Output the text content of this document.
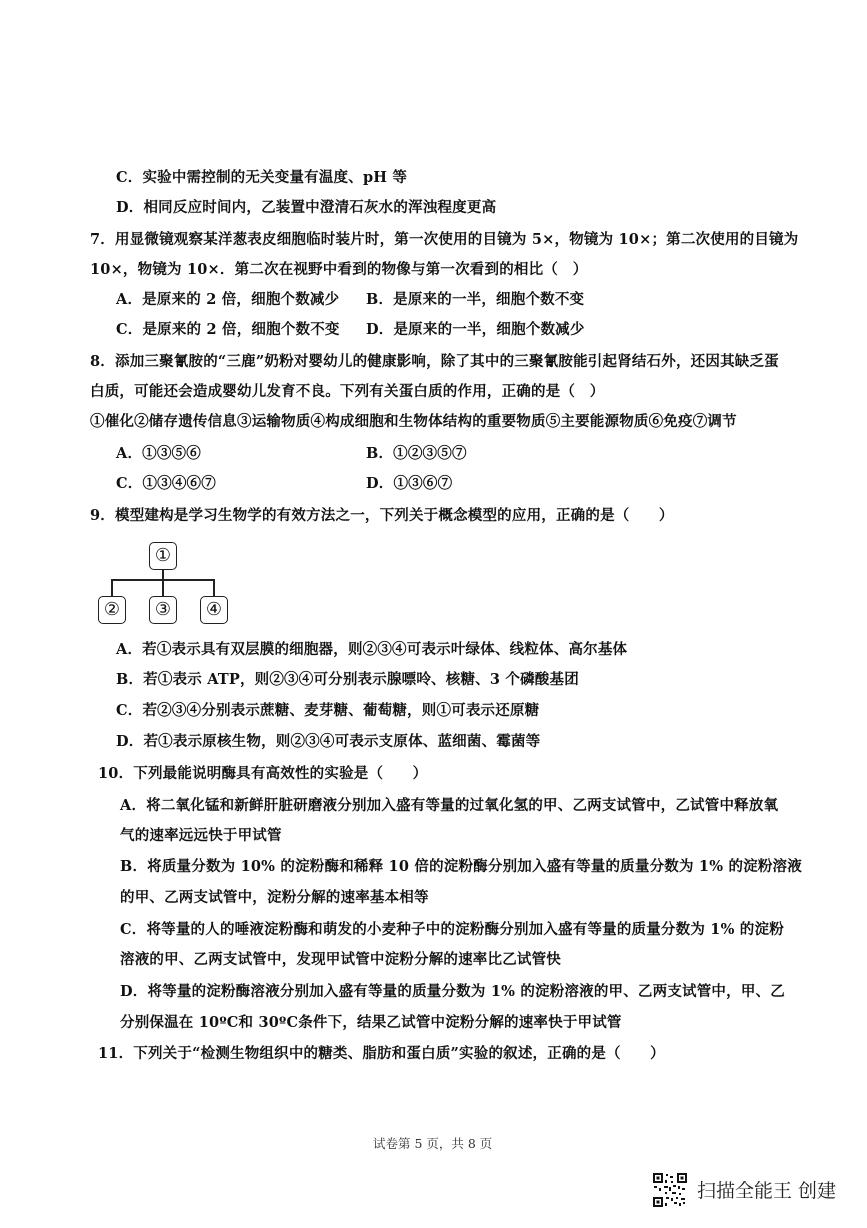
C．实验中需控制的无关变量有温度、pH 等
D．相同反应时间内，乙装置中澄清石灰水的浑浊程度更高
7．用显微镜观察某洋葱表皮细胞临时装片时，第一次使用的目镜为 5×，物镜为 10×；第二次使用的目镜为
10×，物镜为 10×．第二次在视野中看到的物像与第一次看到的相比（　）
A．是原来的 2 倍，细胞个数减少 B．是原来的一半，细胞个数不变
C．是原来的 2 倍，细胞个数不变 D．是原来的一半，细胞个数减少
8．添加三聚氰胺的“三鹿”奶粉对婴幼儿的健康影响，除了其中的三聚氰胺能引起肾结石外，还因其缺乏蛋
白质，可能还会造成婴幼儿发育不良。下列有关蛋白质的作用，正确的是（　）
①催化②储存遗传信息③运输物质④构成细胞和生物体结构的重要物质⑤主要能源物质⑥免疫⑦调节
A．①③⑤⑥	B．①②③⑤⑦
C．①③④⑥⑦	D．①③⑥⑦
9．模型建构是学习生物学的有效方法之一，下列关于概念模型的应用，正确的是（　　）
①
②	③	④
A．若①表示具有双层膜的细胞器，则②③④可表示叶绿体、线粒体、高尔基体
B．若①表示 ATP，则②③④可分别表示腺嘌呤、核糖、3 个磷酸基团
C．若②③④分别表示蔗糖、麦芽糖、葡萄糖，则①可表示还原糖
D．若①表示原核生物，则②③④可表示支原体、蓝细菌、霉菌等
10．下列最能说明酶具有高效性的实验是（　　）
A．将二氧化锰和新鲜肝脏研磨液分别加入盛有等量的过氧化氢的甲、乙两支试管中，乙试管中释放氧
气的速率远远快于甲试管
B．将质量分数为 10% 的淀粉酶和稀释 10 倍的淀粉酶分别加入盛有等量的质量分数为 1% 的淀粉溶液
的甲、乙两支试管中，淀粉分解的速率基本相等
C．将等量的人的唾液淀粉酶和萌发的小麦种子中的淀粉酶分别加入盛有等量的质量分数为 1% 的淀粉
溶液的甲、乙两支试管中，发现甲试管中淀粉分解的速率比乙试管快
D．将等量的淀粉酶溶液分别加入盛有等量的质量分数为 1% 的淀粉溶液的甲、乙两支试管中，甲、乙
分别保温在 10ºC和 30ºC条件下，结果乙试管中淀粉分解的速率快于甲试管
11．下列关于“检测生物组织中的糖类、脂肪和蛋白质”实验的叙述，正确的是（　　）
试卷第 5 页，共 8 页
扫描全能王 创建
